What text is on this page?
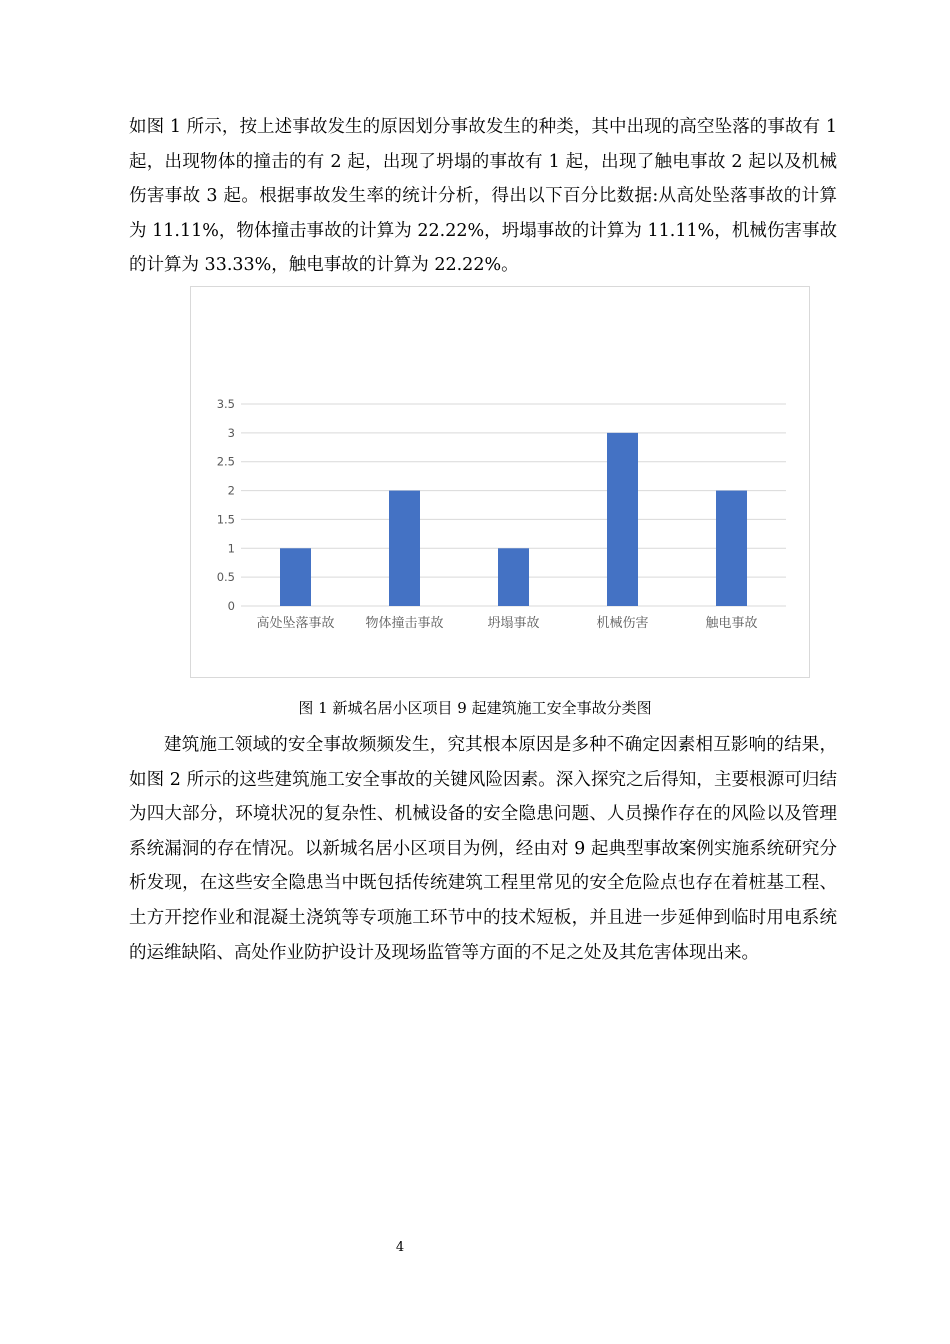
如图 1 所示，按上述事故发生的原因划分事故发生的种类，其中出现的高空坠落的事故有 1 起，出现物体的撞击的有 2 起，出现了坍塌的事故有 1 起，出现了触电事故 2 起以及机械伤害事故 3 起。根据事故发生率的统计分析，得出以下百分比数据:从高处坠落事故的计算为 11.11%，物体撞击事故的计算为 22.22%，坍塌事故的计算为 11.11%，机械伤害事故的计算为 33.33%，触电事故的计算为 22.22%。

0
0.5
1
1.5
2
2.5
3
3.5
高处坠落事故 物体撞击事故	坍塌事故	机械伤害	触电事故
图 1 新城名居小区项目 9 起建筑施工安全事故分类图

建筑施工领域的安全事故频频发生，究其根本原因是多种不确定因素相互影响的结果，如图 2 所示的这些建筑施工安全事故的关键风险因素。深入探究之后得知，主要根源可归结为四大部分，环境状况的复杂性、机械设备的安全隐患问题、人员操作存在的风险以及管理系统漏洞的存在情况。以新城名居小区项目为例，经由对 9 起典型事故案例实施系统研究分析发现，在这些安全隐患当中既包括传统建筑工程里常见的安全危险点也存在着桩基工程、土方开挖作业和混凝土浇筑等专项施工环节中的技术短板，并且进一步延伸到临时用电系统的运维缺陷、高处作业防护设计及现场监管等方面的不足之处及其危害体现出来。

4
